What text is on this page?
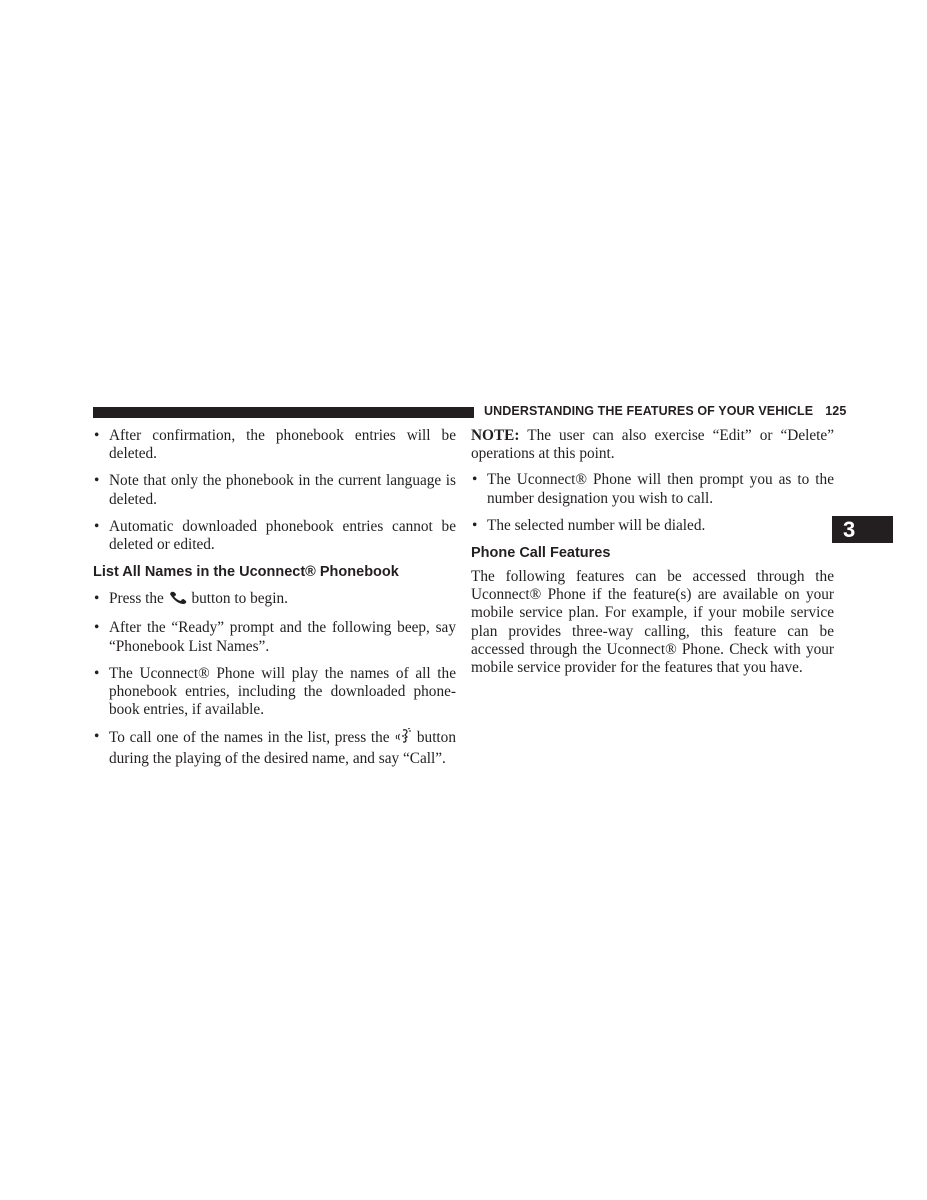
UNDERSTANDING THE FEATURES OF YOUR VEHICLE 125
• After confirmation, the phonebook entries will be deleted.
• Note that only the phonebook in the current language is deleted.
• Automatic downloaded phonebook entries cannot be deleted or edited.
List All Names in the Uconnect® Phonebook
• Press the button to begin.
• After the “Ready” prompt and the following beep, say “Phonebook List Names”.
• The Uconnect® Phone will play the names of all the phonebook entries, including the downloaded phone-book entries, if available.
• To call one of the names in the list, press the button during the playing of the desired name, and say “Call”.

NOTE: The user can also exercise “Edit” or “Delete” operations at this point.

• The Uconnect® Phone will then prompt you as to the number designation you wish to call.
• The selected number will be dialed.
Phone Call Features

The following features can be accessed through the Uconnect® Phone if the feature(s) are available on your mobile service plan. For example, if your mobile service plan provides three-way calling, this feature can be accessed through the Uconnect® Phone. Check with your mobile service provider for the features that you have.

3
